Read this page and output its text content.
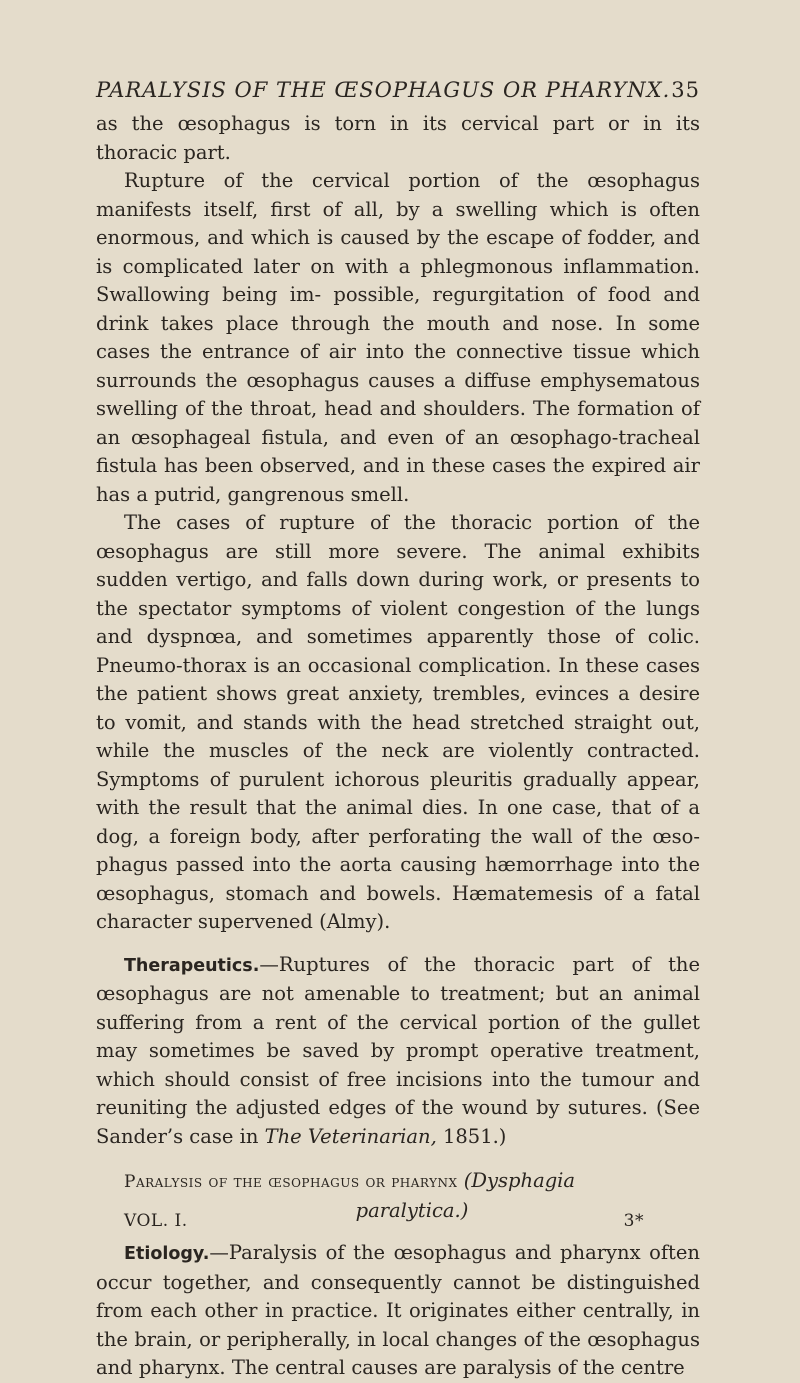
PARALYSIS OF THE ŒSOPHAGUS OR PHARYNX. 35

as the œsophagus is torn in its cervical part or in its thoracic part.

Rupture of the cervical portion of the œsophagus manifests itself, first of all, by a swelling which is often enormous, and which is caused by the escape of fodder, and is complicated later on with a phlegmonous inflammation. Swallowing being im- possible, regurgitation of food and drink takes place through the mouth and nose. In some cases the entrance of air into the connective tissue which surrounds the œsophagus causes a diffuse emphysematous swelling of the throat, head and shoulders. The formation of an œsophageal fistula, and even of an œsophago-tracheal fistula has been observed, and in these cases the expired air has a putrid, gangrenous smell.

The cases of rupture of the thoracic portion of the œsophagus are still more severe. The animal exhibits sudden vertigo, and falls down during work, or presents to the spectator symptoms of violent congestion of the lungs and dyspnœa, and sometimes apparently those of colic. Pneumo-thorax is an occasional complication. In these cases the patient shows great anxiety, trembles, evinces a desire to vomit, and stands with the head stretched straight out, while the muscles of the neck are violently contracted. Symptoms of purulent ichorous pleuritis gradually appear, with the result that the animal dies. In one case, that of a dog, a foreign body, after perforating the wall of the œso- phagus passed into the aorta causing hæmorrhage into the œsophagus, stomach and bowels. Hæmatemesis of a fatal character supervened (Almy).

Therapeutics.—Ruptures of the thoracic part of the œsophagus are not amenable to treatment; but an animal suffering from a rent of the cervical portion of the gullet may sometimes be saved by prompt operative treatment, which should consist of free incisions into the tumour and reuniting the adjusted edges of the wound by sutures. (See Sander’s case in The Veterinarian, 1851.)

Paralysis of the œsophagus or pharynx (Dysphagia
paralytica.)

Etiology.—Paralysis of the œsophagus and pharynx often occur together, and consequently cannot be distinguished from each other in practice. It originates either centrally, in the brain, or peripherally, in local changes of the œsophagus and pharynx. The central causes are paralysis of the centre

VOL. I.	3*
